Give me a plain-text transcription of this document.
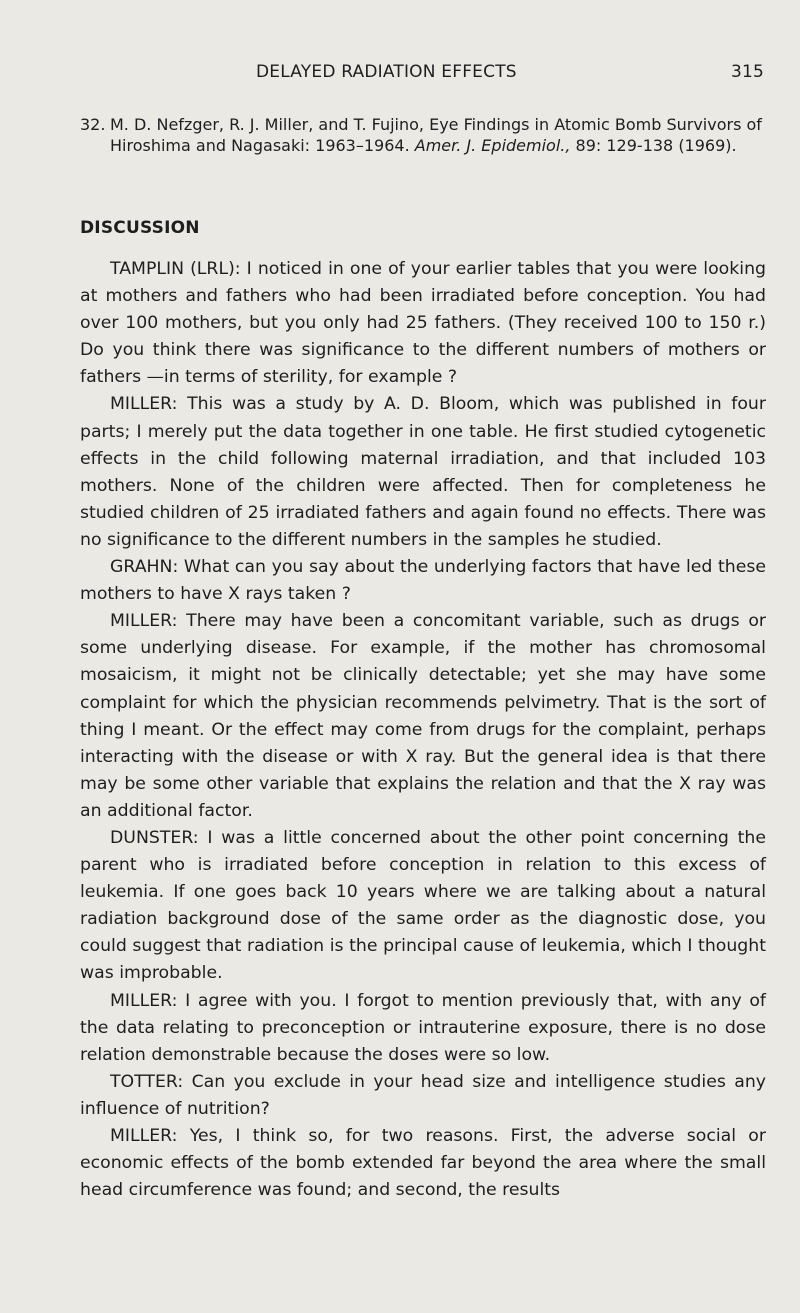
DELAYED RADIATION EFFECTS	315
32. M. D. Nefzger, R. J. Miller, and T. Fujino, Eye Findings in Atomic Bomb Survivors of Hiroshima and Nagasaki: 1963–1964. Amer. J. Epidemiol., 89: 129-138 (1969).
DISCUSSION

TAMPLIN (LRL): I noticed in one of your earlier tables that you were looking at mothers and fathers who had been irradiated before conception. You had over 100 mothers, but you only had 25 fathers. (They received 100 to 150 r.) Do you think there was significance to the different numbers of mothers or fathers —in terms of sterility, for example ?

MILLER: This was a study by A. D. Bloom, which was published in four parts; I merely put the data together in one table. He first studied cytogenetic effects in the child following maternal irradiation, and that included 103 mothers. None of the children were affected. Then for completeness he studied children of 25 irradiated fathers and again found no effects. There was no significance to the different numbers in the samples he studied.

GRAHN: What can you say about the underlying factors that have led these mothers to have X rays taken ?

MILLER: There may have been a concomitant variable, such as drugs or some underlying disease. For example, if the mother has chromosomal mosaicism, it might not be clinically detectable; yet she may have some complaint for which the physician recommends pelvimetry. That is the sort of thing I meant. Or the effect may come from drugs for the complaint, perhaps interacting with the disease or with X ray. But the general idea is that there may be some other variable that explains the relation and that the X ray was an additional factor.

DUNSTER: I was a little concerned about the other point concerning the parent who is irradiated before conception in relation to this excess of leukemia. If one goes back 10 years where we are talking about a natural radiation background dose of the same order as the diagnostic dose, you could suggest that radiation is the principal cause of leukemia, which I thought was improbable.

MILLER: I agree with you. I forgot to mention previously that, with any of the data relating to preconception or intrauterine exposure, there is no dose relation demonstrable because the doses were so low.

TOTTER: Can you exclude in your head size and intelligence studies any influence of nutrition?

MILLER: Yes, I think so, for two reasons. First, the adverse social or economic effects of the bomb extended far beyond the area where the small head circumference was found; and second, the results
